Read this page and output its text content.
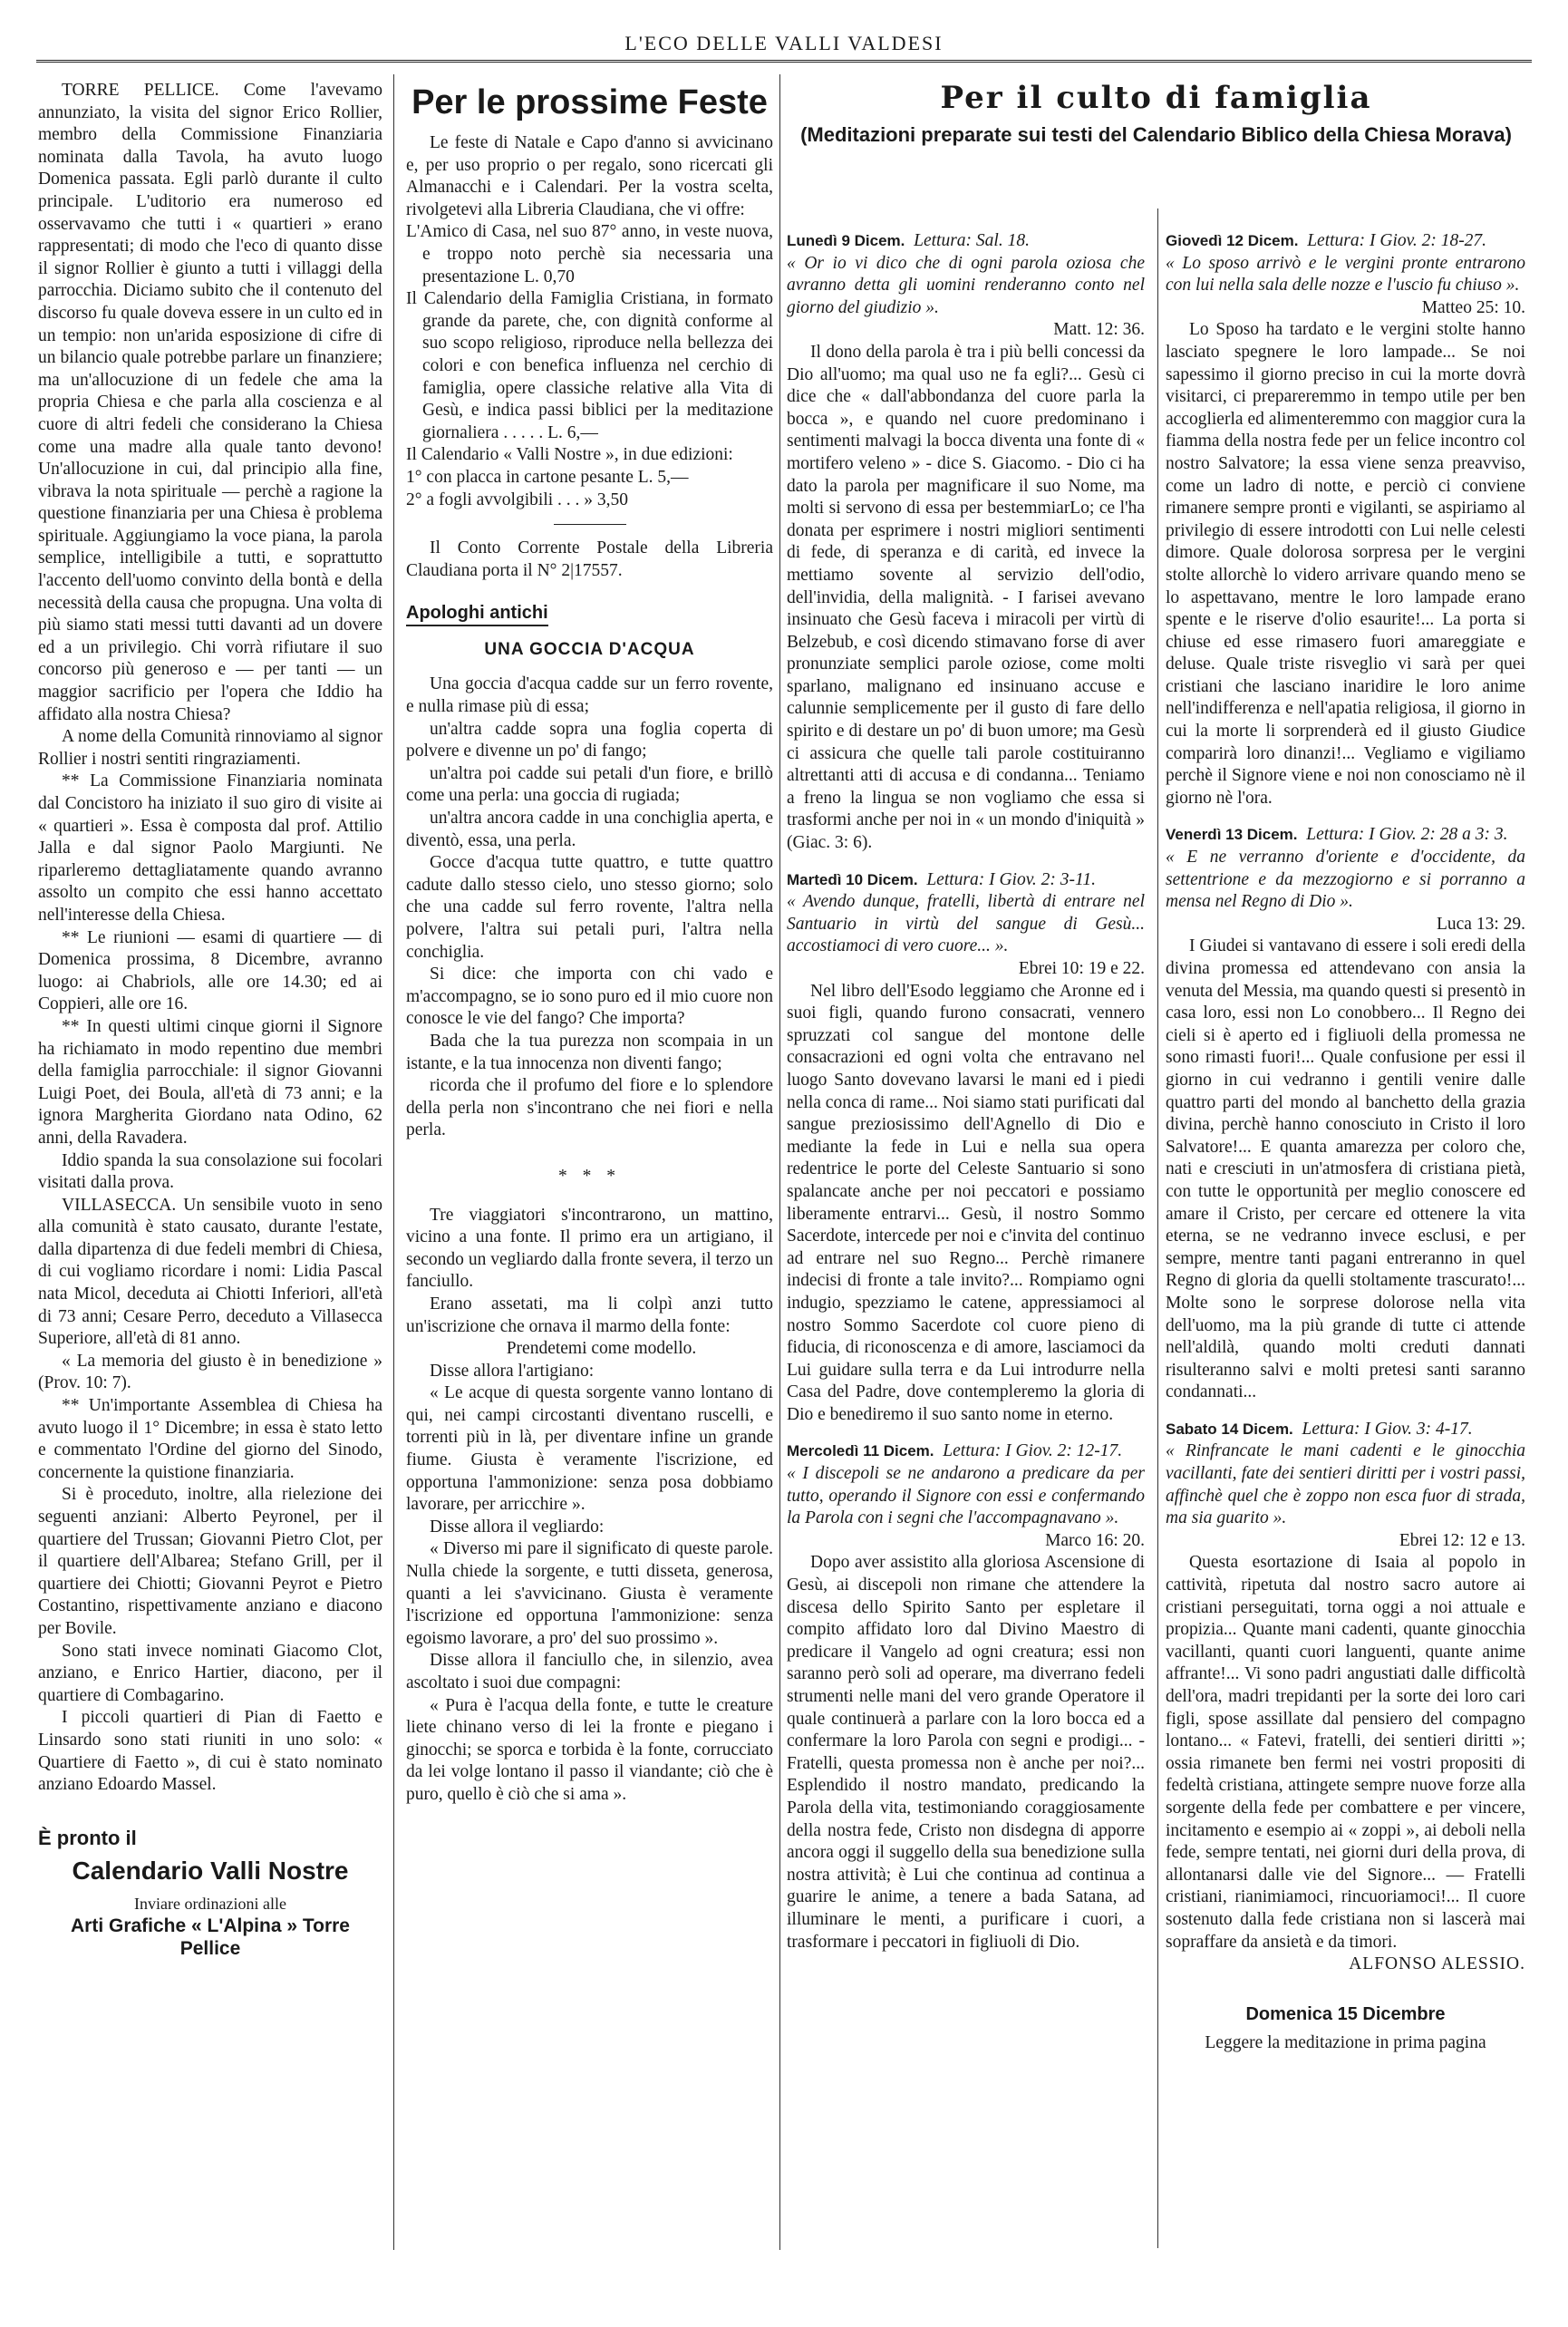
L'ECO DELLE VALLI VALDESI

TORRE PELLICE. Come l'avevamo annunziato, la visita del signor Erico Rollier, membro della Commissione Finanziaria nominata dalla Tavola, ha avuto luogo Domenica passata. Egli parlò durante il culto principale. L'uditorio era numeroso ed osservavamo che tutti i « quartieri » erano rappresentati; di modo che l'eco di quanto disse il signor Rollier è giunto a tutti i villaggi della parrocchia. Diciamo subito che il contenuto del discorso fu quale doveva essere in un culto ed in un tempio: non un'arida esposizione di cifre di un bilancio quale potrebbe parlare un finanziere; ma un'allocuzione di un fedele che ama la propria Chiesa e che parla alla coscienza e al cuore di altri fedeli che considerano la Chiesa come una madre alla quale tanto devono! Un'allocuzione in cui, dal principio alla fine, vibrava la nota spirituale — perchè a ragione la questione finanziaria per una Chiesa è problema spirituale. Aggiungiamo la voce piana, la parola semplice, intelligibile a tutti, e soprattutto l'accento dell'uomo convinto della bontà e della necessità della causa che propugna. Una volta di più siamo stati messi tutti davanti ad un dovere ed a un privilegio. Chi vorrà rifiutare il suo concorso più generoso e — per tanti — un maggior sacrificio per l'opera che Iddio ha affidato alla nostra Chiesa?

A nome della Comunità rinnoviamo al signor Rollier i nostri sentiti ringraziamenti.

** La Commissione Finanziaria nominata dal Concistoro ha iniziato il suo giro di visite ai « quartieri ». Essa è composta dal prof. Attilio Jalla e dal signor Paolo Margiunti. Ne riparleremo dettagliatamente quando avranno assolto un compito che essi hanno accettato nell'interesse della Chiesa.

** Le riunioni — esami di quartiere — di Domenica prossima, 8 Dicembre, avranno luogo: ai Chabriols, alle ore 14.30; ed ai Coppieri, alle ore 16.

** In questi ultimi cinque giorni il Signore ha richiamato in modo repentino due membri della famiglia parrocchiale: il signor Giovanni Luigi Poet, dei Boula, all'età di 73 anni; e la ignora Margherita Giordano nata Odino, 62 anni, della Ravadera.

Iddio spanda la sua consolazione sui focolari visitati dalla prova.

VILLASECCA. Un sensibile vuoto in seno alla comunità è stato causato, durante l'estate, dalla dipartenza di due fedeli membri di Chiesa, di cui vogliamo ricordare i nomi: Lidia Pascal nata Micol, deceduta ai Chiotti Inferiori, all'età di 73 anni; Cesare Perro, deceduto a Villasecca Superiore, all'età di 81 anno.

« La memoria del giusto è in benedizione » (Prov. 10: 7).

** Un'importante Assemblea di Chiesa ha avuto luogo il 1° Dicembre; in essa è stato letto e commentato l'Ordine del giorno del Sinodo, concernente la quistione finanziaria.

Si è proceduto, inoltre, alla rielezione dei seguenti anziani: Alberto Peyronel, per il quartiere del Trussan; Giovanni Pietro Clot, per il quartiere dell'Albarea; Stefano Grill, per il quartiere dei Chiotti; Giovanni Peyrot e Pietro Costantino, rispettivamente anziano e diacono per Bovile.

Sono stati invece nominati Giacomo Clot, anziano, e Enrico Hartier, diacono, per il quartiere di Combagarino.

I piccoli quartieri di Pian di Faetto e Linsardo sono stati riuniti in uno solo: « Quartiere di Faetto », di cui è stato nominato anziano Edoardo Massel.

È pronto il
Calendario Valli Nostre
Inviare ordinazioni alle
Arti Grafiche « L'Alpina » Torre Pellice
Per le prossime Feste

Le feste di Natale e Capo d'anno si avvicinano e, per uso proprio o per regalo, sono ricercati gli Almanacchi e i Calendari. Per la vostra scelta, rivolgetevi alla Libreria Claudiana, che vi offre:

L'Amico di Casa, nel suo 87° anno, in veste nuova, e troppo noto perchè sia necessaria una presentazione L. 0,70
Il Calendario della Famiglia Cristiana, in formato grande da parete, che, con dignità conforme al suo scopo religioso, riproduce nella bellezza dei colori e con benefica influenza nel cerchio di famiglia, opere classiche relative alla Vita di Gesù, e indica passi biblici per la meditazione giornaliera . . . . . L. 6,—
Il Calendario « Valli Nostre », in due edizioni:
1° con placca in cartone pesante L. 5,—
2° a fogli avvolgibili . . . » 3,50

Il Conto Corrente Postale della Libreria Claudiana porta il N° 2|17557.

Apologhi antichi
UNA GOCCIA D'ACQUA

Una goccia d'acqua cadde sur un ferro rovente, e nulla rimase più di essa;

un'altra cadde sopra una foglia coperta di polvere e divenne un po' di fango;

un'altra poi cadde sui petali d'un fiore, e brillò come una perla: una goccia di rugiada;

un'altra ancora cadde in una conchiglia aperta, e diventò, essa, una perla.

Gocce d'acqua tutte quattro, e tutte quattro cadute dallo stesso cielo, uno stesso giorno; solo che una cadde sul ferro rovente, l'altra nella polvere, l'altra sui petali puri, l'altra nella conchiglia.

Si dice: che importa con chi vado e m'accompagno, se io sono puro ed il mio cuore non conosce le vie del fango? Che importa?

Bada che la tua purezza non scompaia in un istante, e la tua innocenza non diventi fango;

ricorda che il profumo del fiore e lo splendore della perla non s'incontrano che nei fiori e nella perla.

* * *

Tre viaggiatori s'incontrarono, un mattino, vicino a una fonte. Il primo era un artigiano, il secondo un vegliardo dalla fronte severa, il terzo un fanciullo.

Erano assetati, ma li colpì anzi tutto un'iscrizione che ornava il marmo della fonte:

Prendetemi come modello.

Disse allora l'artigiano:

« Le acque di questa sorgente vanno lontano di qui, nei campi circostanti diventano ruscelli, e torrenti più in là, per diventare infine un grande fiume. Giusta è veramente l'iscrizione, ed opportuna l'ammonizione: senza posa dobbiamo lavorare, per arricchire ».

Disse allora il vegliardo:

« Diverso mi pare il significato di queste parole. Nulla chiede la sorgente, e tutti disseta, generosa, quanti a lei s'avvicinano. Giusta è veramente l'iscrizione ed opportuna l'ammonizione: senza egoismo lavorare, a pro' del suo prossimo ».

Disse allora il fanciullo che, in silenzio, avea ascoltato i suoi due compagni:

« Pura è l'acqua della fonte, e tutte le creature liete chinano verso di lei la fronte e piegano i ginocchi; se sporca e torbida è la fonte, corrucciato da lei volge lontano il passo il viandante; ciò che è puro, quello è ciò che si ama ».

Per il culto di famiglia
(Meditazioni preparate sui testi del Calendario Biblico della Chiesa Morava)
Lunedì 9 Dicem. Lettura: Sal. 18.
« Or io vi dico che di ogni parola oziosa che avranno detta gli uomini renderanno conto nel giorno del giudizio ».
Matt. 12: 36.

Il dono della parola è tra i più belli concessi da Dio all'uomo; ma qual uso ne fa egli?... Gesù ci dice che « dall'abbondanza del cuore parla la bocca », e quando nel cuore predominano i sentimenti malvagi la bocca diventa una fonte di « mortifero veleno » - dice S. Giacomo. - Dio ci ha dato la parola per magnificare il suo Nome, ma molti si servono di essa per bestemmiarLo; ce l'ha donata per esprimere i nostri migliori sentimenti di fede, di speranza e di carità, ed invece la mettiamo sovente al servizio dell'odio, dell'invidia, della malignità. - I farisei avevano insinuato che Gesù faceva i miracoli per virtù di Belzebub, e così dicendo stimavano forse di aver pronunziate semplici parole oziose, come molti sparlano, malignano ed insinuano accuse e calunnie semplicemente per il gusto di fare dello spirito e di destare un po' di buon umore; ma Gesù ci assicura che quelle tali parole costituiranno altrettanti atti di accusa e di condanna... Teniamo a freno la lingua se non vogliamo che essa si trasformi anche per noi in « un mondo d'iniquità » (Giac. 3: 6).

Martedì 10 Dicem. Lettura: I Giov. 2: 3-11.
« Avendo dunque, fratelli, libertà di entrare nel Santuario in virtù del sangue di Gesù... accostiamoci di vero cuore... ».
Ebrei 10: 19 e 22.

Nel libro dell'Esodo leggiamo che Aronne ed i suoi figli, quando furono consacrati, vennero spruzzati col sangue del montone delle consacrazioni ed ogni volta che entravano nel luogo Santo dovevano lavarsi le mani ed i piedi nella conca di rame... Noi siamo stati purificati dal sangue preziosissimo dell'Agnello di Dio e mediante la fede in Lui e nella sua opera redentrice le porte del Celeste Santuario si sono spalancate anche per noi peccatori e possiamo liberamente entrarvi... Gesù, il nostro Sommo Sacerdote, intercede per noi e c'invita del continuo ad entrare nel suo Regno... Perchè rimanere indecisi di fronte a tale invito?... Rompiamo ogni indugio, spezziamo le catene, appressiamoci al nostro Sommo Sacerdote col cuore pieno di fiducia, di riconoscenza e di amore, lasciamoci da Lui guidare sulla terra e da Lui introdurre nella Casa del Padre, dove contempleremo la gloria di Dio e benediremo il suo santo nome in eterno.

Mercoledì 11 Dicem. Lettura: I Giov. 2: 12-17.
« I discepoli se ne andarono a predicare da per tutto, operando il Signore con essi e confermando la Parola con i segni che l'accompagnavano ».
Marco 16: 20.

Dopo aver assistito alla gloriosa Ascensione di Gesù, ai discepoli non rimane che attendere la discesa dello Spirito Santo per espletare il compito affidato loro dal Divino Maestro di predicare il Vangelo ad ogni creatura; essi non saranno però soli ad operare, ma diverrano fedeli strumenti nelle mani del vero grande Operatore il quale continuerà a parlare con la loro bocca ed a confermare la loro Parola con segni e prodigi... - Fratelli, questa promessa non è anche per noi?... Esplendido il nostro mandato, predicando la Parola della vita, testimoniando coraggiosamente della nostra fede, Cristo non disdegna di apporre ancora oggi il suggello della sua benedizione sulla nostra attività; è Lui che continua ad continua a guarire le anime, a tenere a bada Satana, ad illuminare le menti, a purificare i cuori, a trasformare i peccatori in figliuoli di Dio.

Giovedì 12 Dicem. Lettura: I Giov. 2: 18-27.
« Lo sposo arrivò e le vergini pronte entrarono con lui nella sala delle nozze e l'uscio fu chiuso ».
Matteo 25: 10.

Lo Sposo ha tardato e le vergini stolte hanno lasciato spegnere le loro lampade... Se noi sapessimo il giorno preciso in cui la morte dovrà visitarci, ci prepareremmo in tempo utile per ben accoglierla ed alimenteremmo con maggior cura la fiamma della nostra fede per un felice incontro col nostro Salvatore; la essa viene senza preavviso, come un ladro di notte, e perciò ci conviene rimanere sempre pronti e vigilanti, se aspiriamo al privilegio di essere introdotti con Lui nelle celesti dimore. Quale dolorosa sorpresa per le vergini stolte allorchè lo videro arrivare quando meno se lo aspettavano, mentre le loro lampade erano spente e le riserve d'olio esaurite!... La porta si chiuse ed esse rimasero fuori amareggiate e deluse. Quale triste risveglio vi sarà per quei cristiani che lasciano inaridire le loro anime nell'indifferenza e nell'apatia religiosa, il giorno in cui la morte li sorprenderà ed il giusto Giudice comparirà loro dinanzi!... Vegliamo e vigiliamo perchè il Signore viene e noi non conosciamo nè il giorno nè l'ora.

Venerdì 13 Dicem. Lettura: I Giov. 2: 28 a 3: 3.
« E ne verranno d'oriente e d'occidente, da settentrione e da mezzogiorno e si porranno a mensa nel Regno di Dio ».
Luca 13: 29.

I Giudei si vantavano di essere i soli eredi della divina promessa ed attendevano con ansia la venuta del Messia, ma quando questi si presentò in casa loro, essi non Lo conobbero... Il Regno dei cieli si è aperto ed i figliuoli della promessa ne sono rimasti fuori!... Quale confusione per essi il giorno in cui vedranno i gentili venire dalle quattro parti del mondo al banchetto della grazia divina, perchè hanno conosciuto in Cristo il loro Salvatore!... E quanta amarezza per coloro che, nati e cresciuti in un'atmosfera di cristiana pietà, con tutte le opportunità per meglio conoscere ed amare il Cristo, per cercare ed ottenere la vita eterna, se ne vedranno invece esclusi, e per sempre, mentre tanti pagani entreranno in quel Regno di gloria da quelli stoltamente trascurato!... Molte sono le sorprese dolorose nella vita dell'uomo, ma la più grande di tutte ci attende nell'aldilà, quando molti creduti dannati risulteranno salvi e molti pretesi santi saranno condannati...

Sabato 14 Dicem. Lettura: I Giov. 3: 4-17.
« Rinfrancate le mani cadenti e le ginocchia vacillanti, fate dei sentieri diritti per i vostri passi, affinchè quel che è zoppo non esca fuor di strada, ma sia guarito ».
Ebrei 12: 12 e 13.

Questa esortazione di Isaia al popolo in cattività, ripetuta dal nostro sacro autore ai cristiani perseguitati, torna oggi a noi attuale e propizia... Quante mani cadenti, quante ginocchia vacillanti, quanti cuori languenti, quante anime affrante!... Vi sono padri angustiati dalle difficoltà dell'ora, madri trepidanti per la sorte dei loro cari figli, spose assillate dal pensiero del compagno lontano... « Fatevi, fratelli, dei sentieri diritti »; ossia rimanete ben fermi nei vostri propositi di fedeltà cristiana, attingete sempre nuove forze alla sorgente della fede per combattere e per vincere, incitamento e esempio ai « zoppi », ai deboli nella fede, sempre tentati, nei giorni duri della prova, di allontanarsi dalle vie del Signore... — Fratelli cristiani, rianimiamoci, rincuoriamoci!... Il cuore sostenuto dalla fede cristiana non si lascerà mai sopraffare da ansietà e da timori.

ALFONSO ALESSIO.
Domenica 15 Dicembre
Leggere la meditazione in prima pagina
